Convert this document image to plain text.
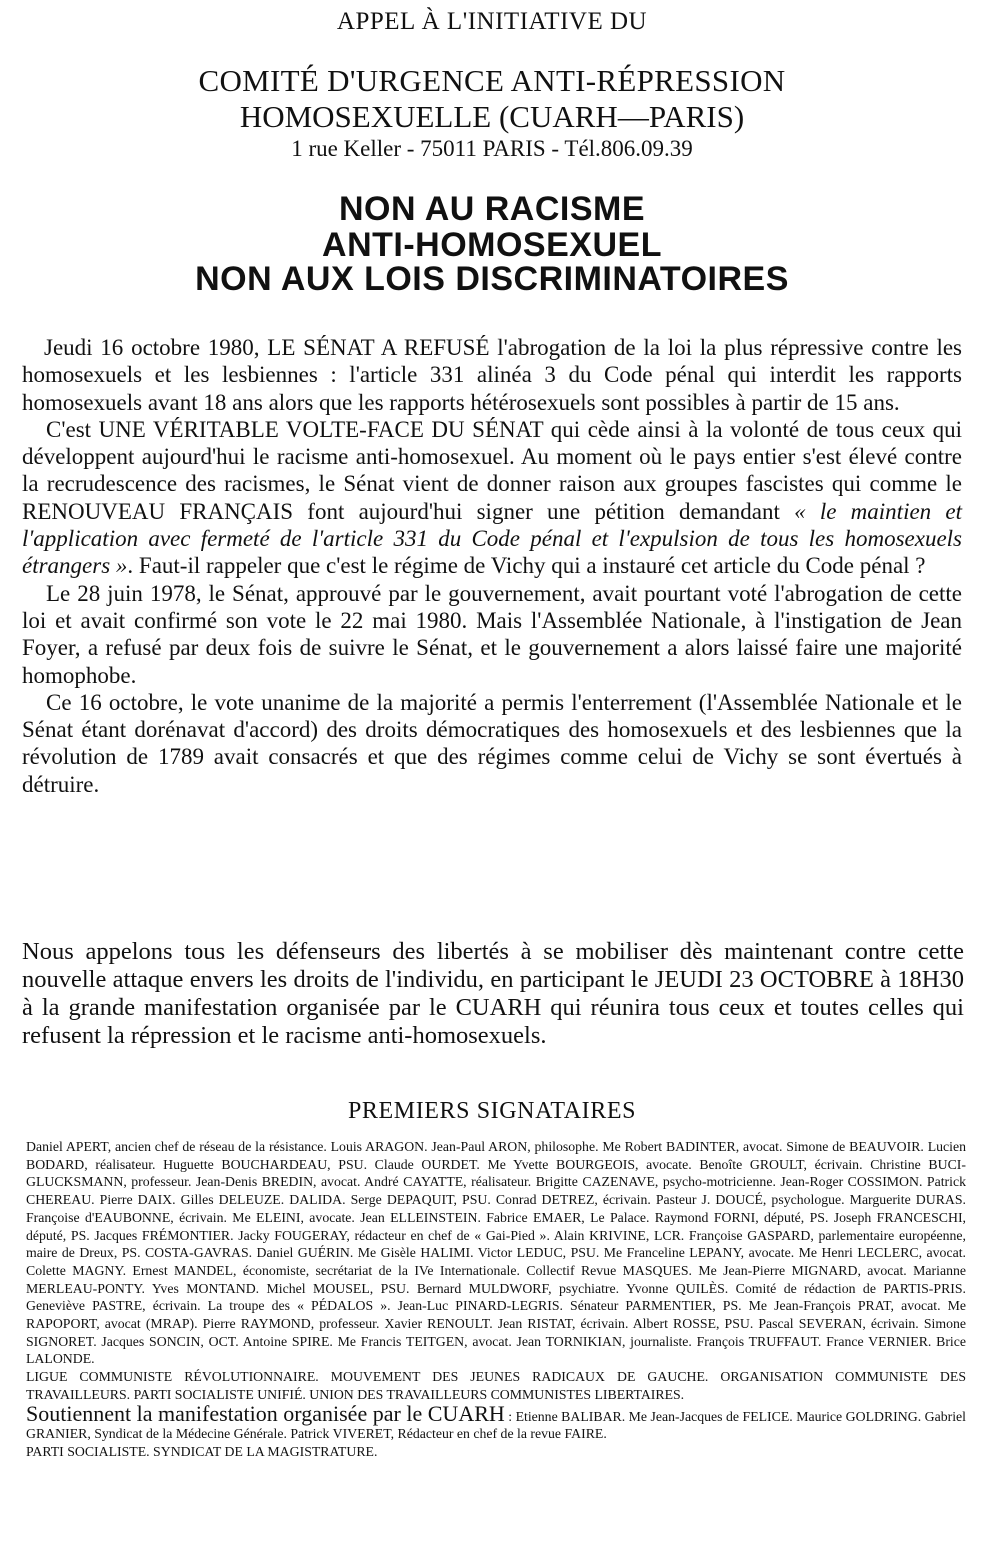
APPEL À L'INITIATIVE DU
COMITÉ D'URGENCE ANTI-RÉPRESSION
HOMOSEXUELLE (CUARH—PARIS)
1 rue Keller - 75011 PARIS - Tél.806.09.39
NON AU RACISME
ANTI-HOMOSEXUEL
NON AUX LOIS DISCRIMINATOIRES

Jeudi 16 octobre 1980, LE SÉNAT A REFUSÉ l'abrogation de la loi la plus répressive contre les homosexuels et les lesbiennes : l'article 331 alinéa 3 du Code pénal qui interdit les rapports homosexuels avant 18 ans alors que les rapports hétérosexuels sont possibles à partir de 15 ans.

C'est UNE VÉRITABLE VOLTE-FACE DU SÉNAT qui cède ainsi à la volonté de tous ceux qui développent aujourd'hui le racisme anti-homosexuel. Au moment où le pays entier s'est élevé contre la recrudescence des racismes, le Sénat vient de donner raison aux groupes fascistes qui comme le RENOUVEAU FRANÇAIS font aujourd'hui signer une pétition demandant « le maintien et l'application avec fermeté de l'article 331 du Code pénal et l'expulsion de tous les homosexuels étrangers ». Faut-il rappeler que c'est le régime de Vichy qui a instauré cet article du Code pénal ?

Le 28 juin 1978, le Sénat, approuvé par le gouvernement, avait pourtant voté l'abrogation de cette loi et avait confirmé son vote le 22 mai 1980. Mais l'Assemblée Nationale, à l'instigation de Jean Foyer, a refusé par deux fois de suivre le Sénat, et le gouvernement a alors laissé faire une majorité homophobe.

Ce 16 octobre, le vote unanime de la majorité a permis l'enterrement (l'Assemblée Nationale et le Sénat étant dorénavat d'accord) des droits démocratiques des homosexuels et des lesbiennes que la révolution de 1789 avait consacrés et que des régimes comme celui de Vichy se sont évertués à détruire.

Nous appelons tous les défenseurs des libertés à se mobiliser dès maintenant contre cette nouvelle attaque envers les droits de l'individu, en participant le JEUDI 23 OCTOBRE à 18H30 à la grande manifestation organisée par le CUARH qui réunira tous ceux et toutes celles qui refusent la répression et le racisme anti-homosexuels.
PREMIERS SIGNATAIRES

Daniel APERT, ancien chef de réseau de la résistance. Louis ARAGON. Jean-Paul ARON, philosophe. Me Robert BADINTER, avocat. Simone de BEAUVOIR. Lucien BODARD, réalisateur. Huguette BOUCHARDEAU, PSU. Claude OURDET. Me Yvette BOURGEOIS, avocate. Benoîte GROULT, écrivain. Christine BUCI-GLUCKSMANN, professeur. Jean-Denis BREDIN, avocat. André CAYATTE, réalisateur. Brigitte CAZENAVE, psycho-motricienne. Jean-Roger COSSIMON. Patrick CHEREAU. Pierre DAIX. Gilles DELEUZE. DALIDA. Serge DEPAQUIT, PSU. Conrad DETREZ, écrivain. Pasteur J. DOUCÉ, psychologue. Marguerite DURAS. Françoise d'EAUBONNE, écrivain. Me ELEINI, avocate. Jean ELLEINSTEIN. Fabrice EMAER, Le Palace. Raymond FORNI, député, PS. Joseph FRANCESCHI, député, PS. Jacques FRÉMONTIER. Jacky FOUGERAY, rédacteur en chef de « Gai-Pied ». Alain KRIVINE, LCR. Françoise GASPARD, parlementaire européenne, maire de Dreux, PS. COSTA-GAVRAS. Daniel GUÉRIN. Me Gisèle HALIMI. Victor LEDUC, PSU. Me Franceline LEPANY, avocate. Me Henri LECLERC, avocat. Colette MAGNY. Ernest MANDEL, économiste, secrétariat de la IVe Internationale. Collectif Revue MASQUES. Me Jean-Pierre MIGNARD, avocat. Marianne MERLEAU-PONTY. Yves MONTAND. Michel MOUSEL, PSU. Bernard MULDWORF, psychiatre. Yvonne QUILÈS. Comité de rédaction de PARTIS-PRIS. Geneviève PASTRE, écrivain. La troupe des « PÉDALOS ». Jean-Luc PINARD-LEGRIS. Sénateur PARMENTIER, PS. Me Jean-François PRAT, avocat. Me RAPOPORT, avocat (MRAP). Pierre RAYMOND, professeur. Xavier RENOULT. Jean RISTAT, écrivain. Albert ROSSE, PSU. Pascal SEVERAN, écrivain. Simone SIGNORET. Jacques SONCIN, OCT. Antoine SPIRE. Me Francis TEITGEN, avocat. Jean TORNIKIAN, journaliste. François TRUFFAUT. France VERNIER. Brice LALONDE.

LIGUE COMMUNISTE RÉVOLUTIONNAIRE. MOUVEMENT DES JEUNES RADICAUX DE GAUCHE. ORGANISATION COMMUNISTE DES TRAVAILLEURS. PARTI SOCIALISTE UNIFIÉ. UNION DES TRAVAILLEURS COMMUNISTES LIBERTAIRES.

Soutiennent la manifestation organisée par le CUARH : Etienne BALIBAR. Me Jean-Jacques de FELICE. Maurice GOLDRING. Gabriel GRANIER, Syndicat de la Médecine Générale. Patrick VIVERET, Rédacteur en chef de la revue FAIRE.

PARTI SOCIALISTE. SYNDICAT DE LA MAGISTRATURE.
